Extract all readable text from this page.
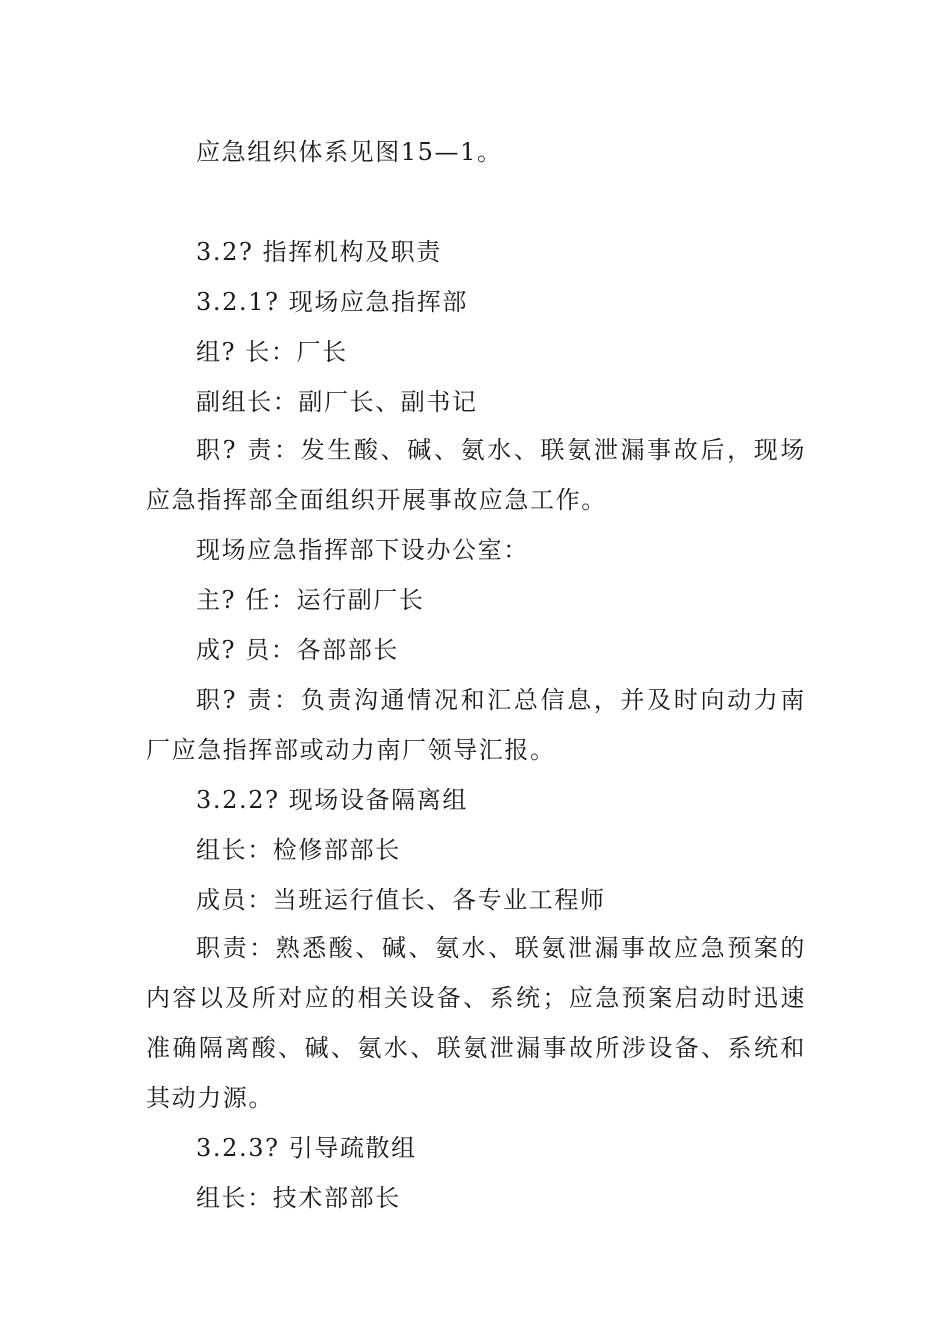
应急组织体系见图15—1。
3.2? 指挥机构及职责
3.2.1? 现场应急指挥部
组? 长：厂长
副组长：副厂长、副书记
职? 责：发生酸、碱、氨水、联氨泄漏事故后，现场
应急指挥部全面组织开展事故应急工作。
现场应急指挥部下设办公室：
主? 任：运行副厂长
成? 员：各部部长
职? 责：负责沟通情况和汇总信息，并及时向动力南
厂应急指挥部或动力南厂领导汇报。
3.2.2? 现场设备隔离组
组长：检修部部长
成员：当班运行值长、各专业工程师
职责：熟悉酸、碱、氨水、联氨泄漏事故应急预案的
内容以及所对应的相关设备、系统；应急预案启动时迅速
准确隔离酸、碱、氨水、联氨泄漏事故所涉设备、系统和
其动力源。
3.2.3? 引导疏散组
组长：技术部部长
